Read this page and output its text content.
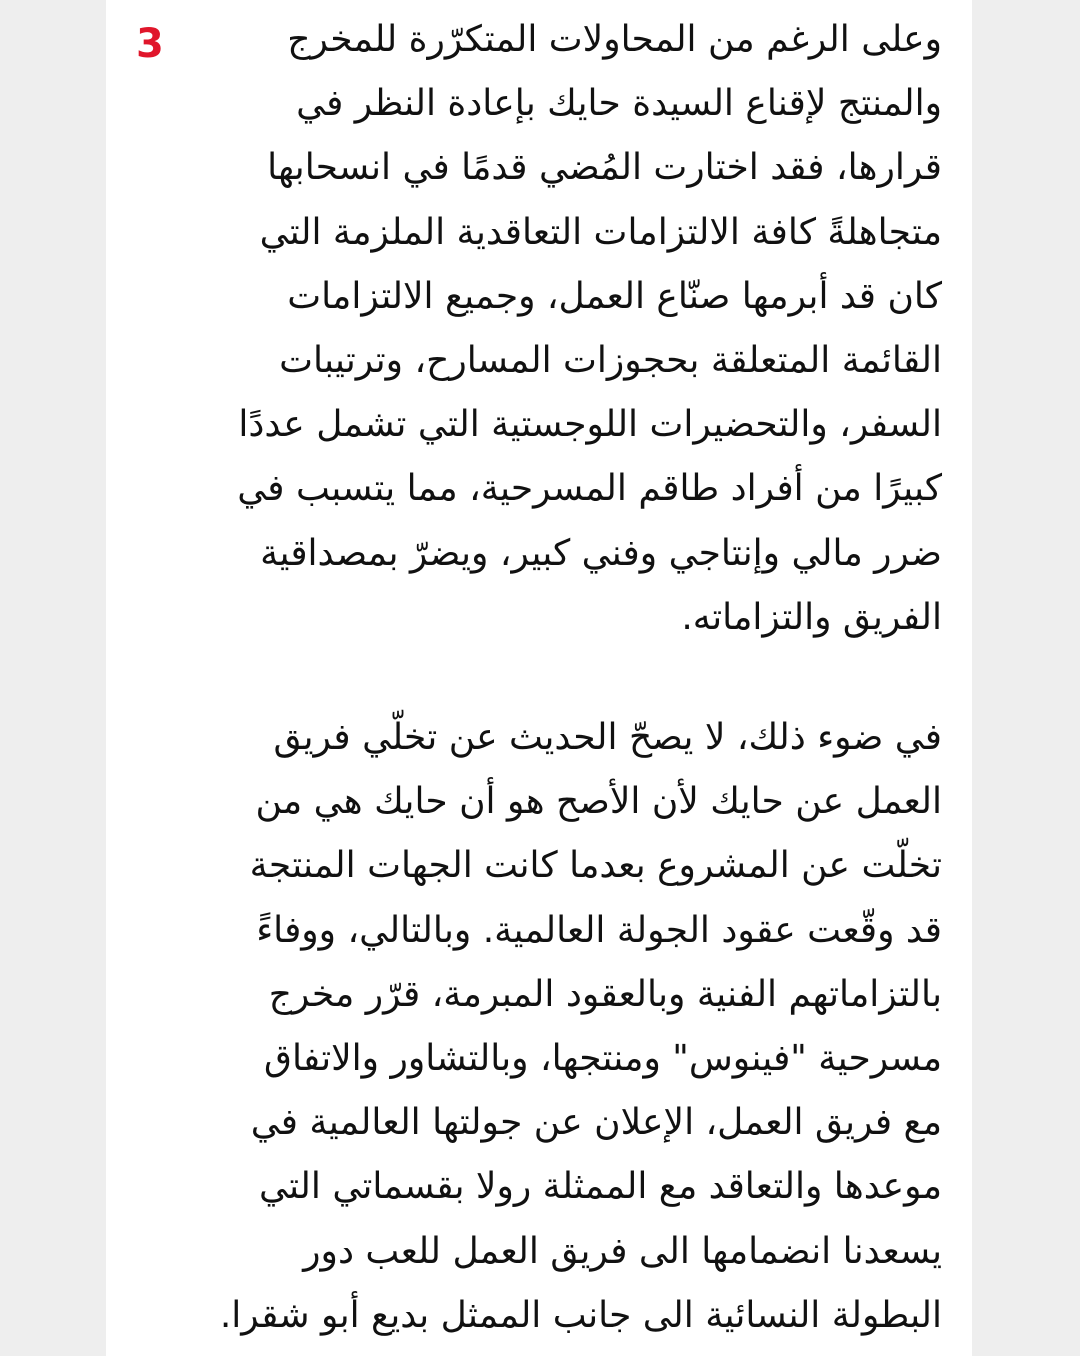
3	وعلى الرغم من المحاولات المتكرّرة للمخرج
والمنتج لإقناع السيدة حايك بإعادة النظر في
قرارها، فقد اختارت المُضي قدمًا في انسحابها
متجاهلةً كافة الالتزامات التعاقدية الملزمة التي
كان قد أبرمها صنّاع العمل، وجميع الالتزامات
القائمة المتعلقة بحجوزات المسارح، وترتيبات
السفر، والتحضيرات اللوجستية التي تشمل عددًا
كبيرًا من أفراد طاقم المسرحية، مما يتسبب في
ضرر مالي وإنتاجي وفني كبير، ويضرّ بمصداقية
الفريق والتزاماته.

في ضوء ذلك، لا يصحّ الحديث عن تخلّي فريق
العمل عن حايك لأن الأصح هو أن حايك هي من
تخلّت عن المشروع بعدما كانت الجهات المنتجة
قد وقّعت عقود الجولة العالمية. وبالتالي، ووفاءً
بالتزاماتهم الفنية وبالعقود المبرمة، قرّر مخرج
مسرحية "فينوس" ومنتجها، وبالتشاور والاتفاق
مع فريق العمل، الإعلان عن جولتها العالمية في
موعدها والتعاقد مع الممثلة رولا بقسماتي التي
يسعدنا انضمامها الى فريق العمل للعب دور
البطولة النسائية الى جانب الممثل بديع أبو شقرا.
